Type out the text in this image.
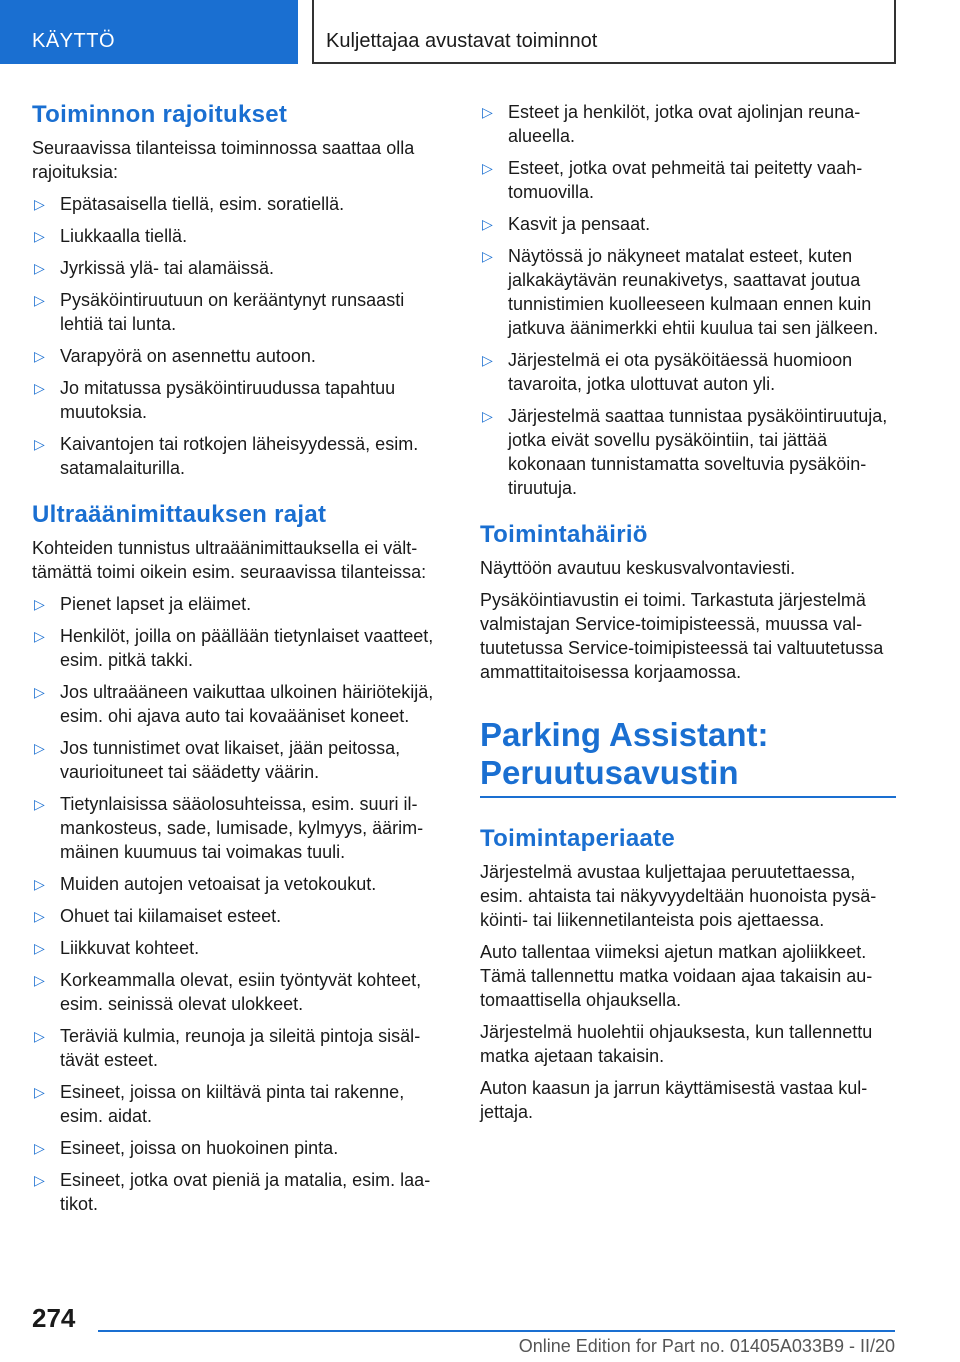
KÄYTTÖ	Kuljettajaa avustavat toiminnot
Toiminnon rajoitukset

Seuraavissa tilanteissa toiminnossa saattaa olla rajoituksia:

▷ Epätasaisella tiellä, esim. soratiellä.
▷ Liukkaalla tiellä.
▷ Jyrkissä ylä- tai alamäissä.
▷ Pysäköintiruutuun on kerääntynyt runsaasti lehtiä tai lunta.
▷ Varapyörä on asennettu autoon.
▷ Jo mitatussa pysäköintiruudussa tapahtuu muutoksia.
▷ Kaivantojen tai rotkojen läheisyydessä, esim. satamalaiturilla.
Ultraäänimittauksen rajat

Kohteiden tunnistus ultraäänimittauksella ei välttämättä toimi oikein esim. seuraavissa tilanteissa:

▷ Pienet lapset ja eläimet.
▷ Henkilöt, joilla on päällään tietynlaiset vaatteet, esim. pitkä takki.
▷ Jos ultraääneen vaikuttaa ulkoinen häiriötekijä, esim. ohi ajava auto tai kovaääniset koneet.
▷ Jos tunnistimet ovat likaiset, jään peitossa, vaurioituneet tai säädetty väärin.
▷ Tietynlaisissa sääolosuhteissa, esim. suuri ilmankosteus, sade, lumisade, kylmyys, äärimmäinen kuumuus tai voimakas tuuli.
▷ Muiden autojen vetoaisat ja vetokoukut.
▷ Ohuet tai kiilamaiset esteet.
▷ Liikkuvat kohteet.
▷ Korkeammalla olevat, esiin työntyvät kohteet, esim. seinissä olevat ulokkeet.
▷ Teräviä kulmia, reunoja ja sileitä pintoja sisältävät esteet.
▷ Esineet, joissa on kiiltävä pinta tai rakenne, esim. aidat.
▷ Esineet, joissa on huokoinen pinta.
▷ Esineet, jotka ovat pieniä ja matalia, esim. laatikot.
▷ Esteet ja henkilöt, jotka ovat ajolinjan reunaalueella.
▷ Esteet, jotka ovat pehmeitä tai peitetty vaahtomuovilla.
▷ Kasvit ja pensaat.
▷ Näytössä jo näkyneet matalat esteet, kuten jalkakäytävän reunakivetys, saattavat joutua tunnistimien kuolleeseen kulmaan ennen kuin jatkuva äänimerkki ehtii kuulua tai sen jälkeen.
▷ Järjestelmä ei ota pysäköitäessä huomioon tavaroita, jotka ulottuvat auton yli.
▷ Järjestelmä saattaa tunnistaa pysäköintiruutuja, jotka eivät sovellu pysäköintiin, tai jättää kokonaan tunnistamatta soveltuvia pysäköintiruutuja.
Toimintahäiriö

Näyttöön avautuu keskusvalvontaviesti.

Pysäköintiavustin ei toimi. Tarkastuta järjestelmä valmistajan Service-toimipisteessä, muussa valtuutetussa Service-toimipisteessä tai valtuutetussa ammattitaitoisessa korjaamossa.

Parking Assistant:
Peruutusavustin
Toimintaperiaate

Järjestelmä avustaa kuljettajaa peruutettaessa, esim. ahtaista tai näkyvyydeltään huonoista pysäköinti- tai liikennetilanteista pois ajettaessa.

Auto tallentaa viimeksi ajetun matkan ajoliikkeet. Tämä tallennettu matka voidaan ajaa takaisin automaattisella ohjauksella.

Järjestelmä huolehtii ohjauksesta, kun tallennettu matka ajetaan takaisin.

Auton kaasun ja jarrun käyttämisestä vastaa kuljettaja.

274
Online Edition for Part no. 01405A033B9 - II/20
